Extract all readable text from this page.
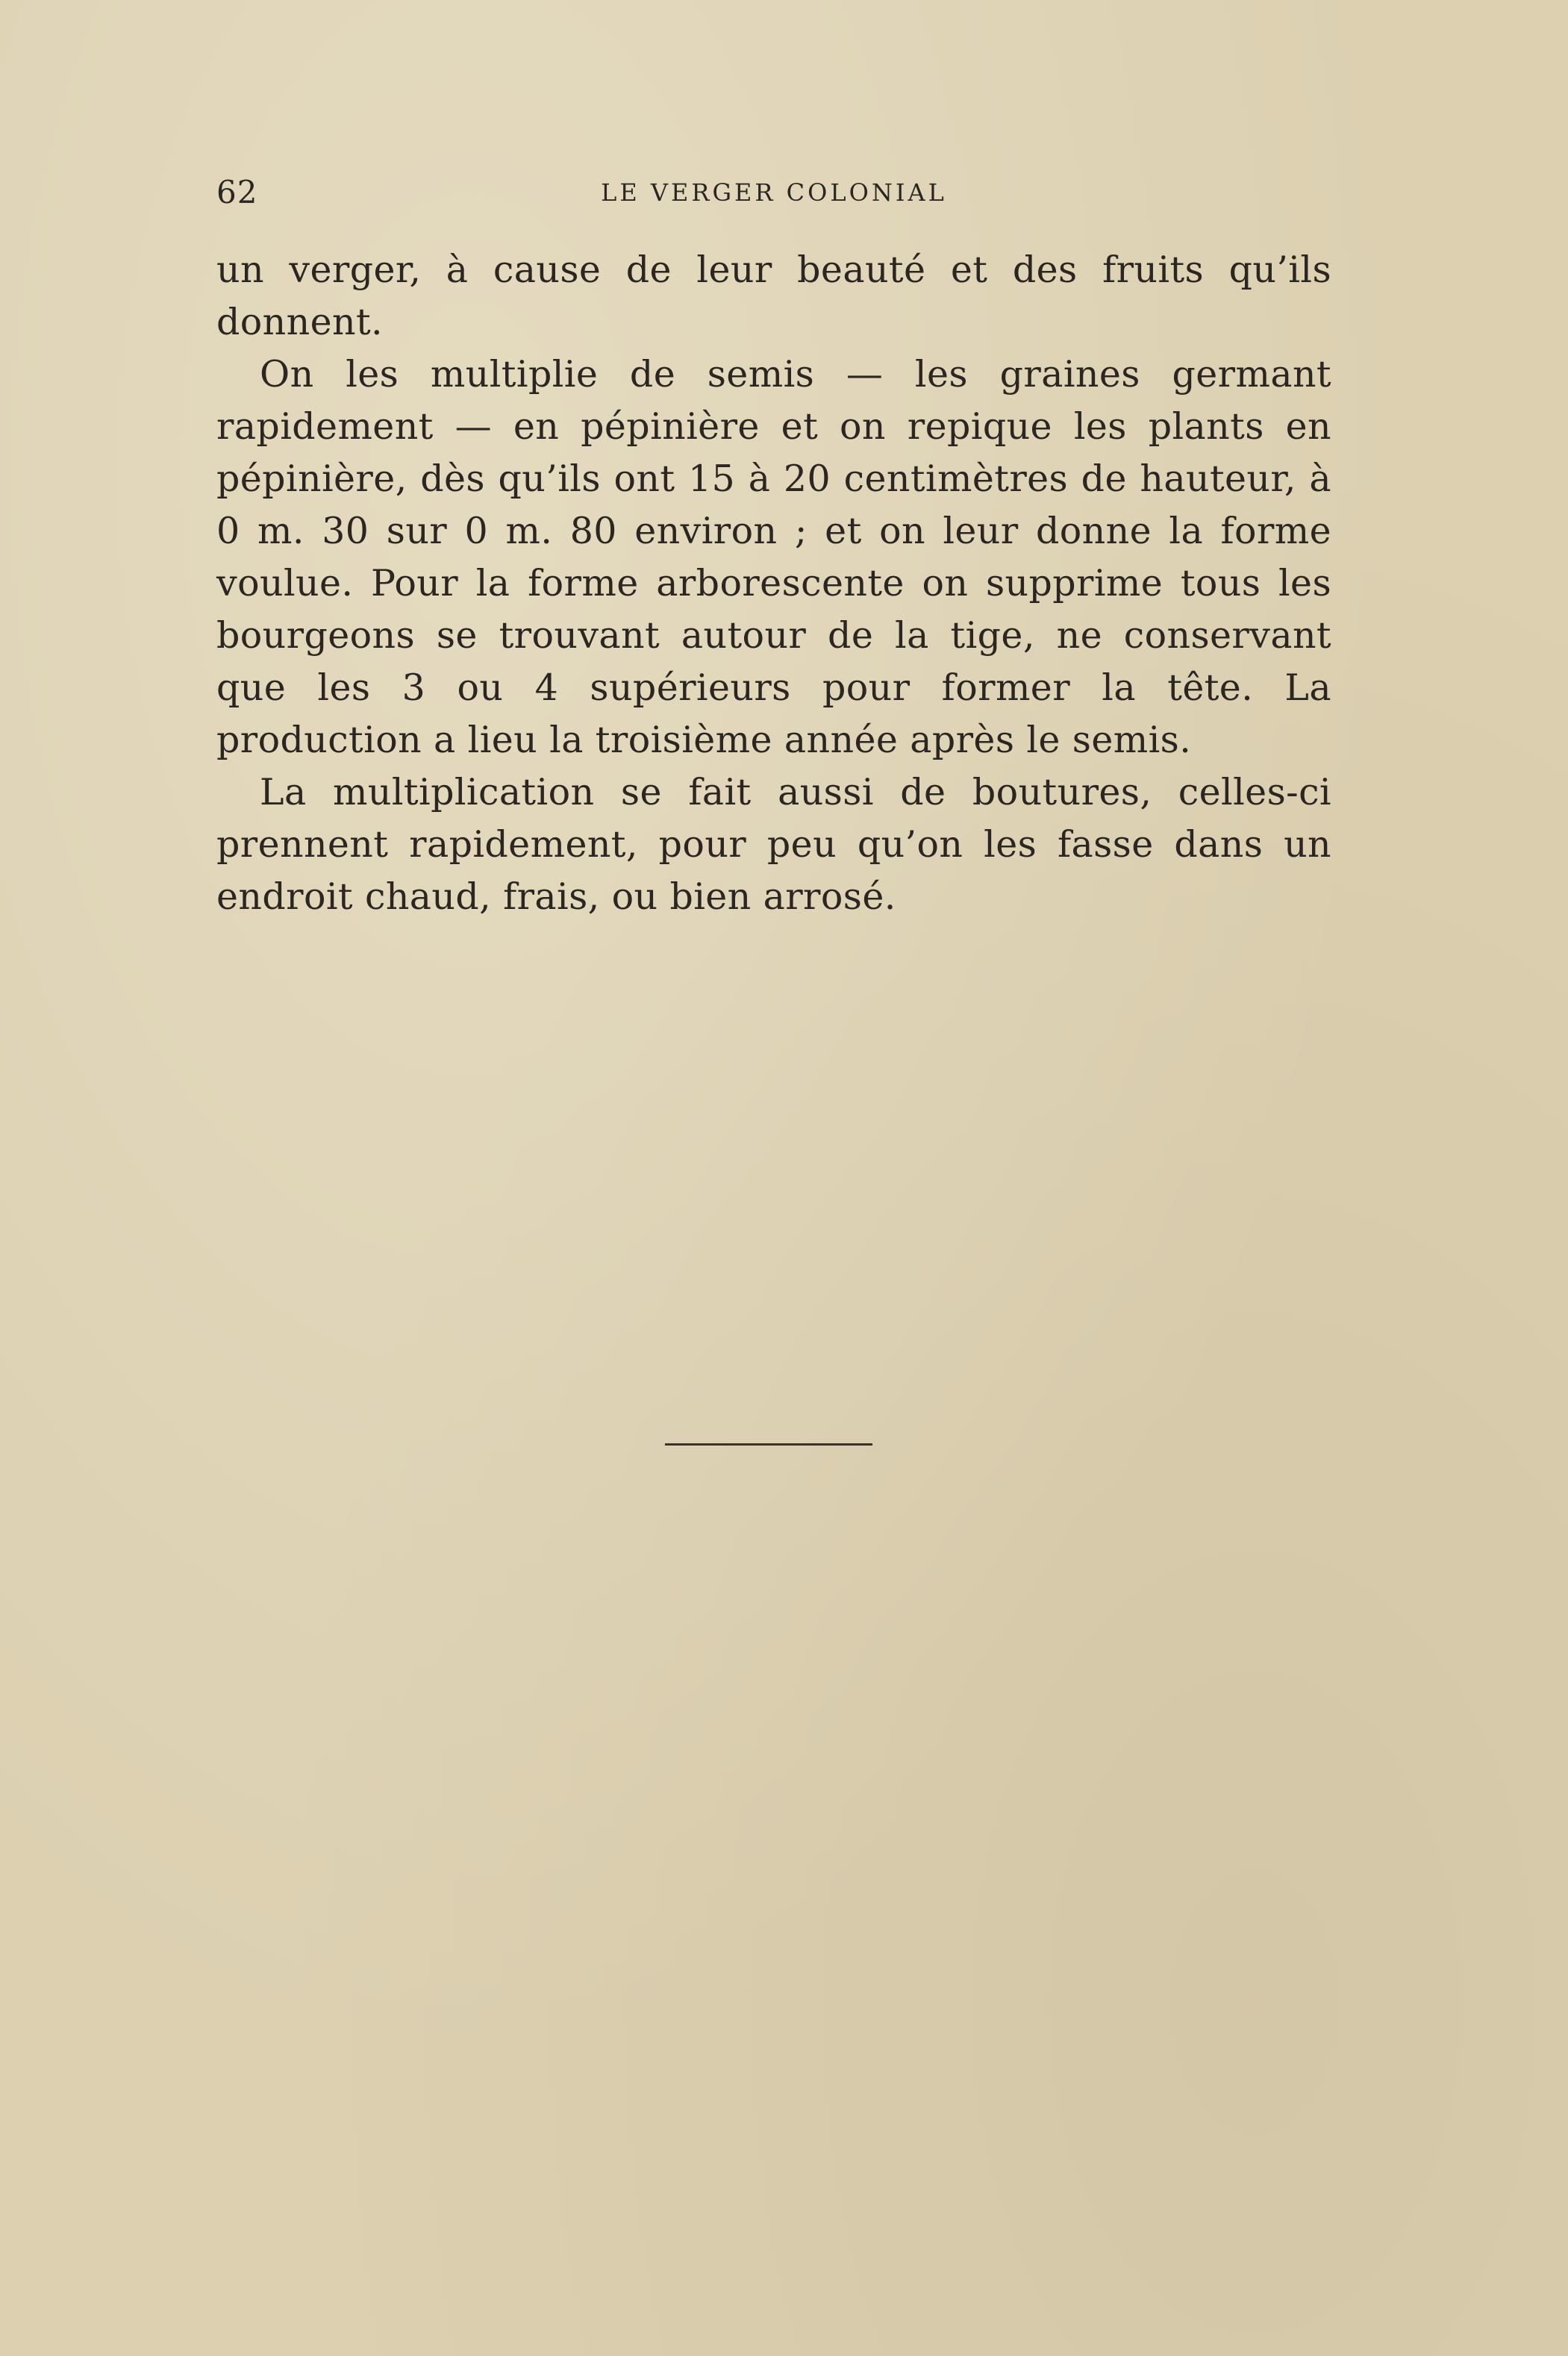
62	LE VERGER COLONIAL

un verger, à cause de leur beauté et des fruits qu’ils donnent.

On les multiplie de semis — les graines germant rapidement — en pépinière et on repique les plants en pépinière, dès qu’ils ont 15 à 20 centimètres de hauteur, à 0 m. 30 sur 0 m. 80 environ ; et on leur donne la forme voulue. Pour la forme arborescente on supprime tous les bourgeons se trouvant autour de la tige, ne conservant que les 3 ou 4 supérieurs pour former la tête. La production a lieu la troisième année après le semis.

La multiplication se fait aussi de boutures, celles-ci prennent rapidement, pour peu qu’on les fasse dans un endroit chaud, frais, ou bien arrosé.
